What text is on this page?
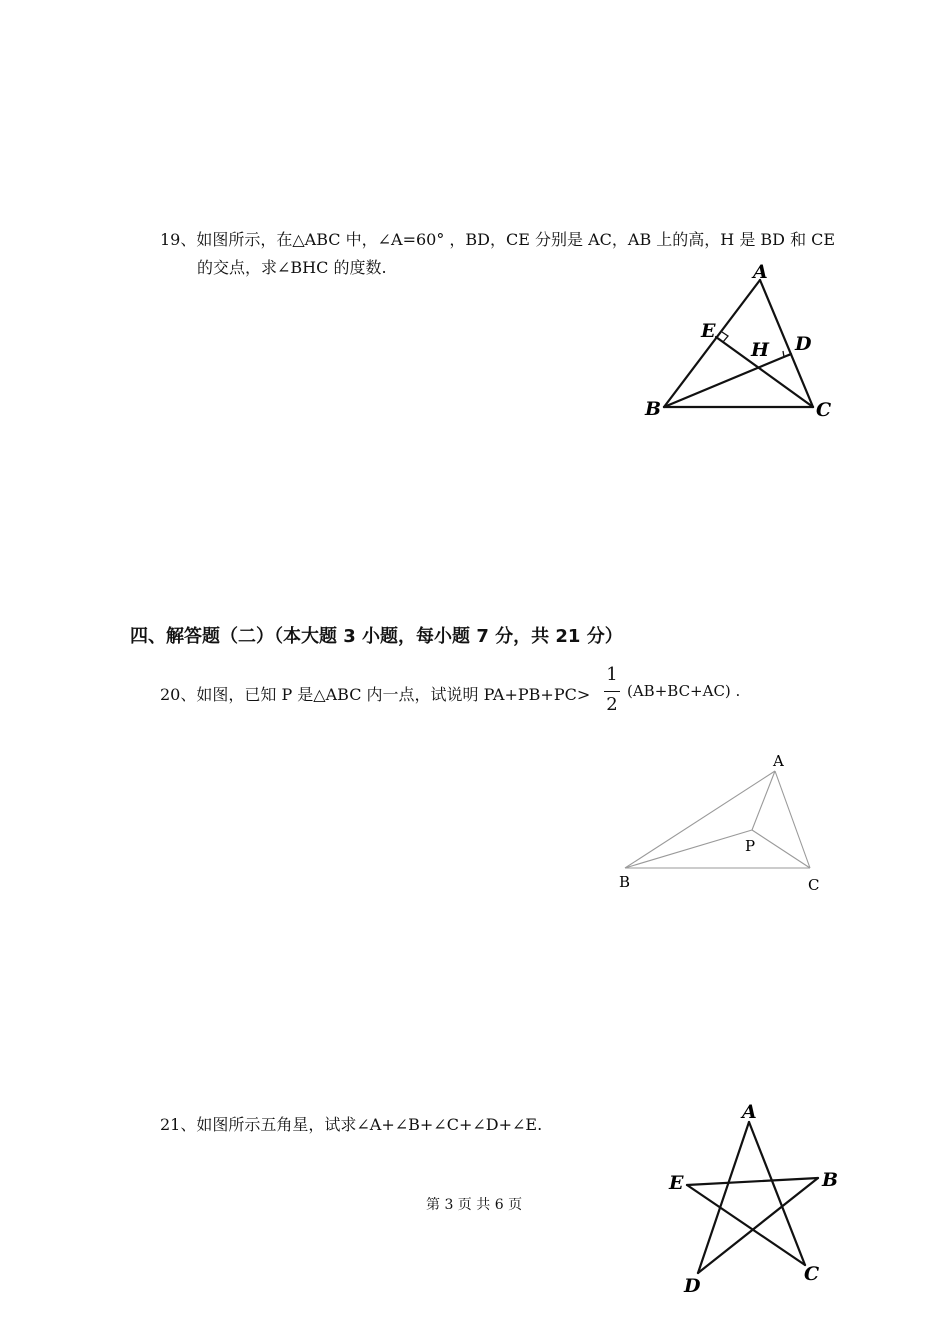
19、如图所示，在△ABC 中，∠A=60° ，BD，CE 分别是 AC，AB 上的高，H 是 BD 和 CE
的交点，求∠BHC 的度数.	A
E
H D
B	C
四、解答题（二）（本大题 3 小题，每小题 7 分，共 21 分）
20、如图，已知 P 是△ABC 内一点，试说明 PA+PB+PC>
1
2
(AB+BC+AC) .
A
P
B	C
21、如图所示五角星，试求∠A+∠B+∠C+∠D+∠E.
A
E	B
D
C
第 3 页 共 6 页
